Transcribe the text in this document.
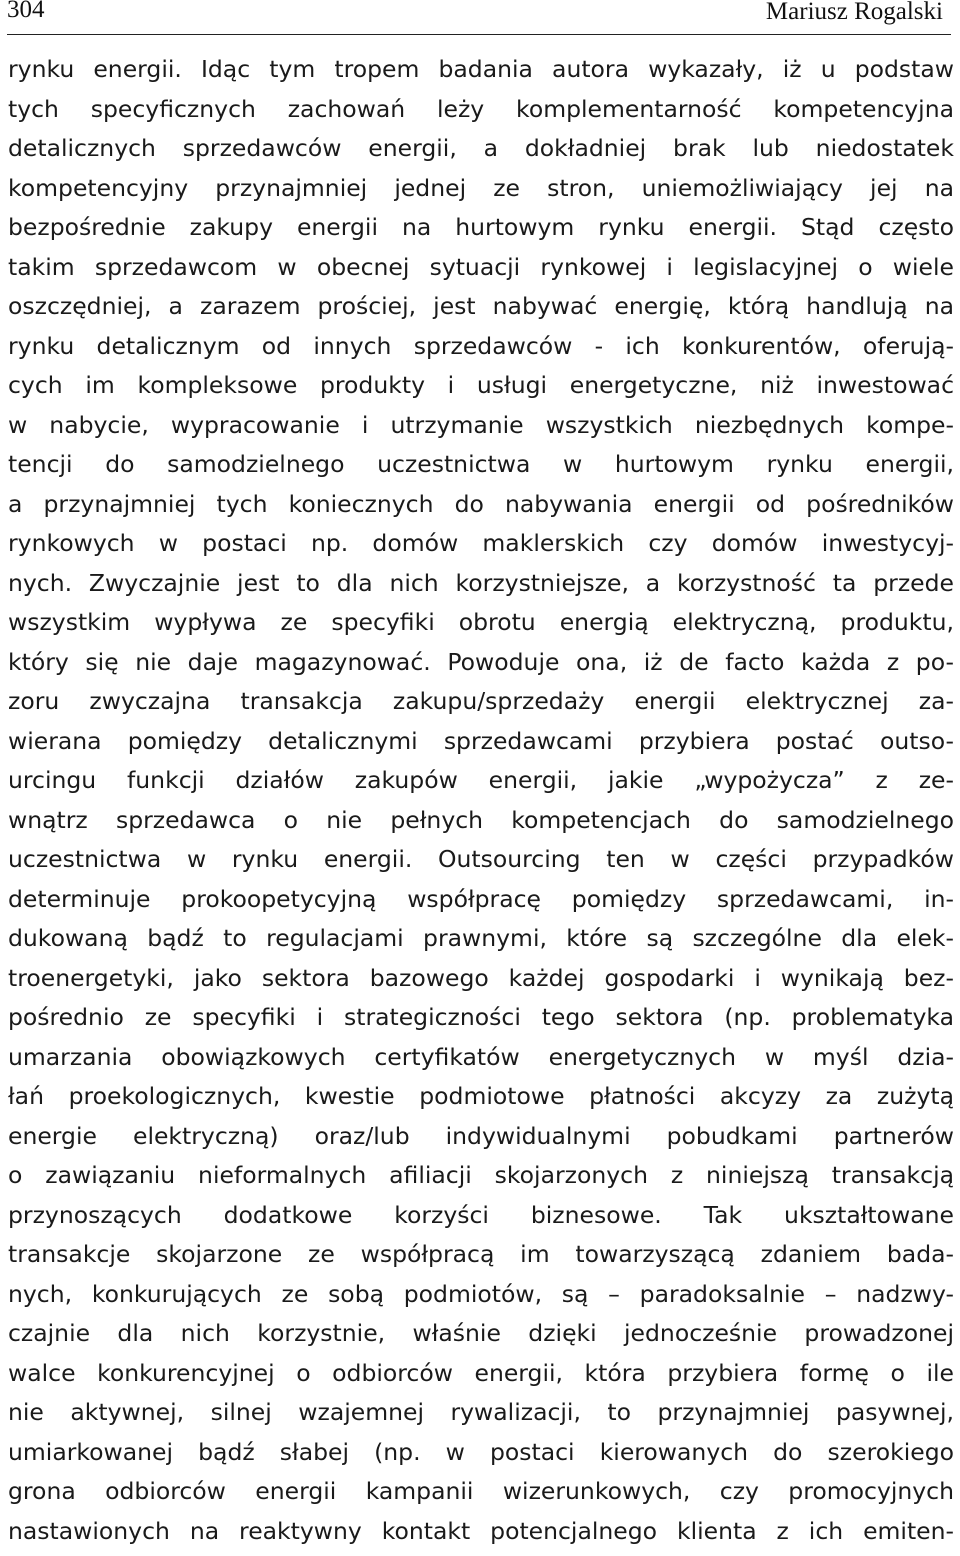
304	Mariusz Rogalski
rynku energii. Idąc tym tropem badania autora wykazały, iż u podstaw
tych specyficznych zachowań leży komplementarność kompetencyjna
detalicznych sprzedawców energii, a dokładniej brak lub niedostatek
kompetencyjny przynajmniej jednej ze stron, uniemożliwiający jej na
bezpośrednie zakupy energii na hurtowym rynku energii. Stąd często
takim sprzedawcom w obecnej sytuacji rynkowej i legislacyjnej o wiele
oszczędniej, a zarazem prościej, jest nabywać energię, którą handlują na
rynku detalicznym od innych sprzedawców - ich konkurentów, oferują-
cych im kompleksowe produkty i usługi energetyczne, niż inwestować
w nabycie, wypracowanie i utrzymanie wszystkich niezbędnych kompe-
tencji do samodzielnego uczestnictwa w hurtowym rynku energii,
a przynajmniej tych koniecznych do nabywania energii od pośredników
rynkowych w postaci np. domów maklerskich czy domów inwestycyj-
nych. Zwyczajnie jest to dla nich korzystniejsze, a korzystność ta przede
wszystkim wypływa ze specyfiki obrotu energią elektryczną, produktu,
który się nie daje magazynować. Powoduje ona, iż de facto każda z po-
zoru zwyczajna transakcja zakupu/sprzedaży energii elektrycznej za-
wierana pomiędzy detalicznymi sprzedawcami przybiera postać outso-
urcingu funkcji działów zakupów energii, jakie „wypożycza” z ze-
wnątrz sprzedawca o nie pełnych kompetencjach do samodzielnego
uczestnictwa w rynku energii. Outsourcing ten w części przypadków
determinuje prokoopetycyjną współpracę pomiędzy sprzedawcami, in-
dukowaną bądź to regulacjami prawnymi, które są szczególne dla elek-
troenergetyki, jako sektora bazowego każdej gospodarki i wynikają bez-
pośrednio ze specyfiki i strategiczności tego sektora (np. problematyka
umarzania obowiązkowych certyfikatów energetycznych w myśl dzia-
łań proekologicznych, kwestie podmiotowe płatności akcyzy za zużytą
energie elektryczną) oraz/lub indywidualnymi pobudkami partnerów
o zawiązaniu nieformalnych afiliacji skojarzonych z niniejszą transakcją
przynoszących dodatkowe korzyści biznesowe. Tak ukształtowane
transakcje skojarzone ze współpracą im towarzyszącą zdaniem bada-
nych, konkurujących ze sobą podmiotów, są – paradoksalnie – nadzwy-
czajnie dla nich korzystnie, właśnie dzięki jednocześnie prowadzonej
walce konkurencyjnej o odbiorców energii, która przybiera formę o ile
nie aktywnej, silnej wzajemnej rywalizacji, to przynajmniej pasywnej,
umiarkowanej bądź słabej (np. w postaci kierowanych do szerokiego
grona odbiorców energii kampanii wizerunkowych, czy promocyjnych
nastawionych na reaktywny kontakt potencjalnego klienta z ich emiten-
